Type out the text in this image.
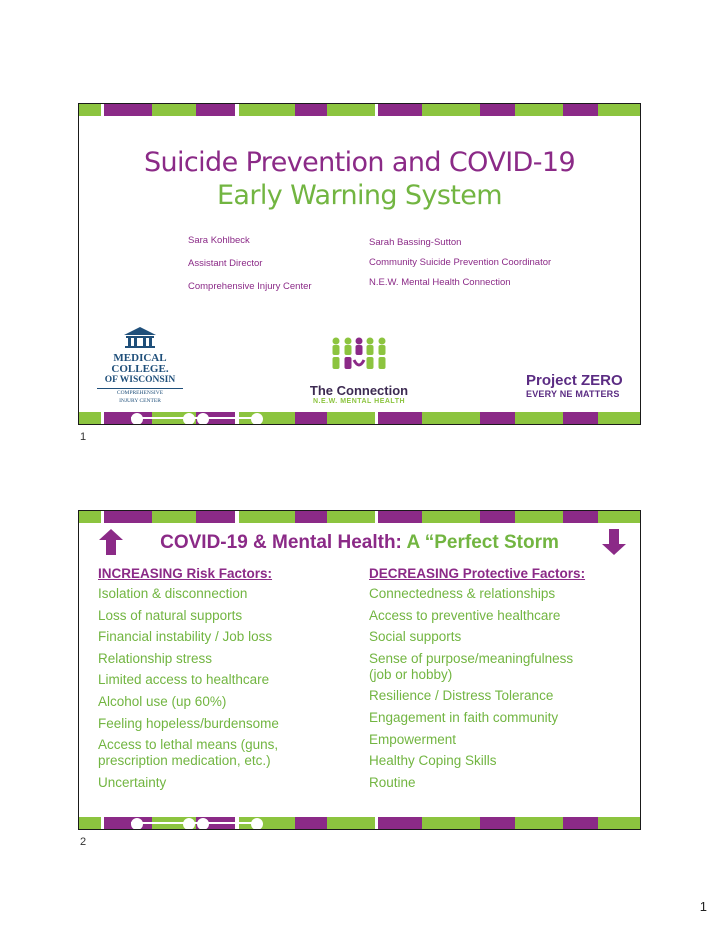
Suicide Prevention and COVID-19
Early Warning System
Sara Kohlbeck
Assistant Director
Comprehensive Injury Center
Sarah Bassing-Sutton
Community Suicide Prevention Coordinator
N.E.W. Mental Health Connection
MEDICAL
COLLEGE.
OF WISCONSIN
COMPREHENSIVE
INJURY CENTER
The Connection
N.E.W. MENTAL HEALTH
Project ZERO
EVERY NE MATTERS
1
COVID-19 & Mental Health: A “Perfect Storm
INCREASING Risk Factors:
Isolation & disconnection
Loss of natural supports
Financial instability / Job loss
Relationship stress
Limited access to healthcare
Alcohol use (up 60%)
Feeling hopeless/burdensome
Access to lethal means (guns,
prescription medication, etc.)
Uncertainty
DECREASING Protective Factors:
Connectedness & relationships
Access to preventive healthcare
Social supports
Sense of purpose/meaningfulness
(job or hobby)
Resilience / Distress Tolerance
Engagement in faith community
Empowerment
Healthy Coping Skills
Routine
2
1
